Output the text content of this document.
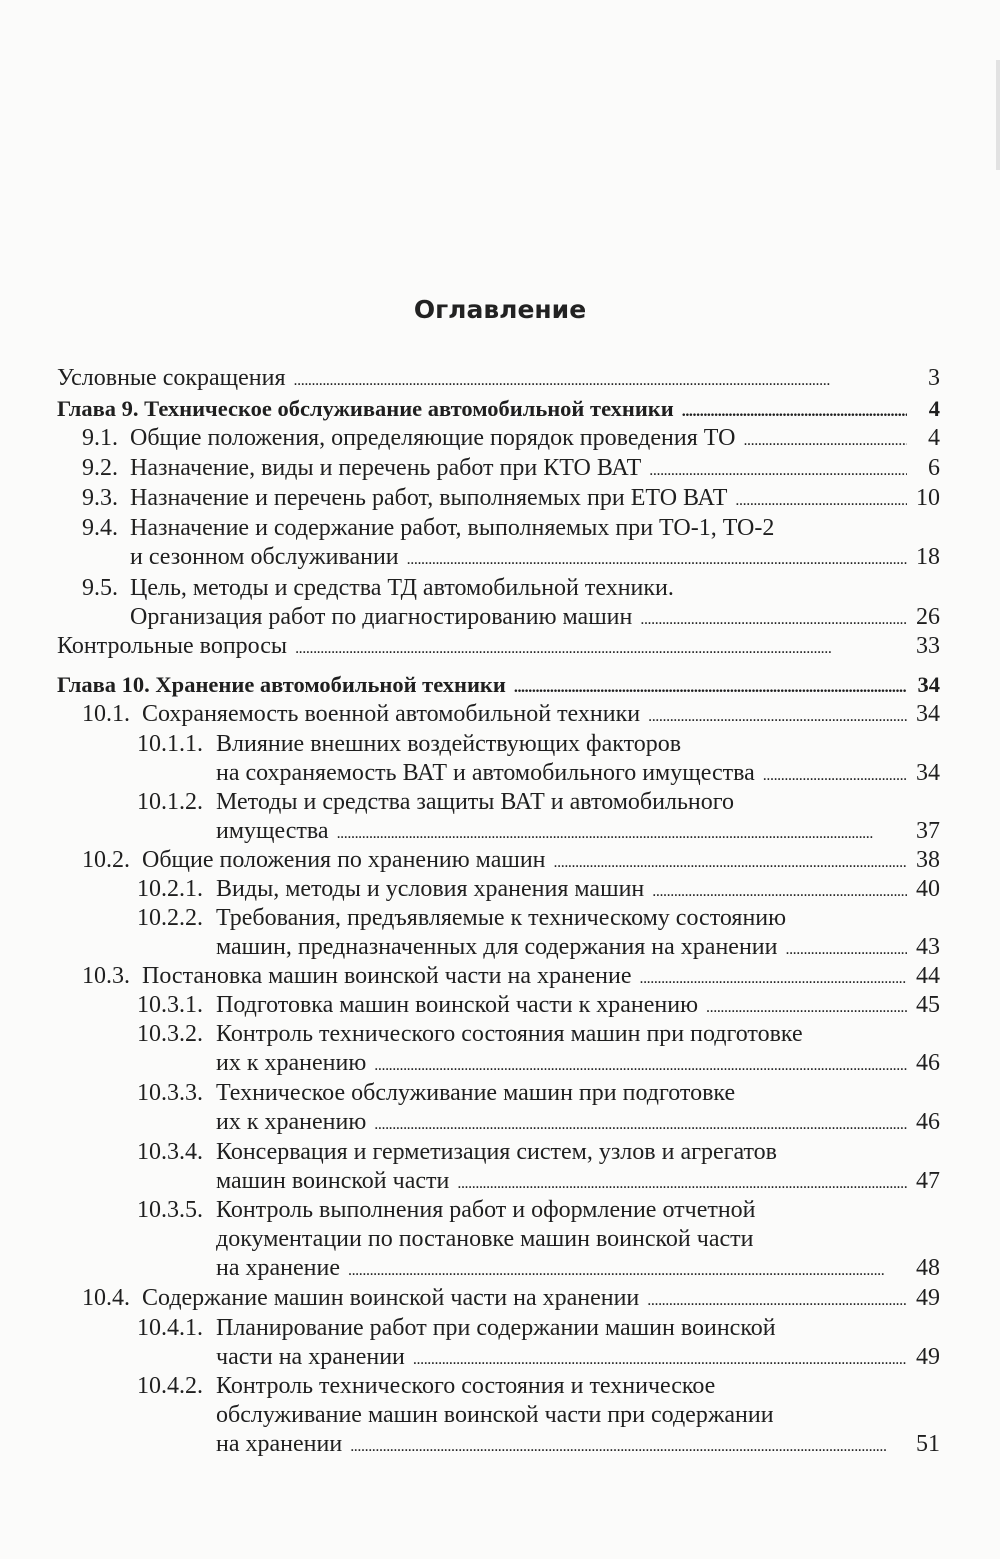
Оглавление
Условные сокращения . . .	3
Глава 9. Техническое обслуживание автомобильной техники . . .	4
9.1. Общие положения, определяющие порядок проведения ТО . . .	4
9.2. Назначение, виды и перечень работ при КТО ВАТ . . .	6
9.3. Назначение и перечень работ, выполняемых при ЕТО ВАТ . . .	10
9.4. Назначение и содержание работ, выполняемых при ТО-1, ТО-2
и сезонном обслуживании . . .	18
9.5. Цель, методы и средства ТД автомобильной техники.
Организация работ по диагностированию машин . . .	26
Контрольные вопросы . . .	33
Глава 10. Хранение автомобильной техники . . .	34
10.1. Сохраняемость военной автомобильной техники . . .	34
10.1.1. Влияние внешних воздействующих факторов
на сохраняемость ВАТ и автомобильного имущества . . .	34
10.1.2. Методы и средства защиты ВАТ и автомобильного
имущества . . .	37
10.2. Общие положения по хранению машин . . .	38
10.2.1. Виды, методы и условия хранения машин . . .	40
10.2.2. Требования, предъявляемые к техническому состоянию
машин, предназначенных для содержания на хранении . . .	43
10.3. Постановка машин воинской части на хранение . . .	44
10.3.1. Подготовка машин воинской части к хранению . . .	45
10.3.2. Контроль технического состояния машин при подготовке
их к хранению . . .	46
10.3.3. Техническое обслуживание машин при подготовке
их к хранению . . .	46
10.3.4. Консервация и герметизация систем, узлов и агрегатов
машин воинской части . . .	47
10.3.5. Контроль выполнения работ и оформление отчетной
документации по постановке машин воинской части
на хранение . . .	48
10.4. Содержание машин воинской части на хранении . . .	49
10.4.1. Планирование работ при содержании машин воинской
части на хранении . . .	49
10.4.2. Контроль технического состояния и техническое
обслуживание машин воинской части при содержании
на хранении . . .	51
